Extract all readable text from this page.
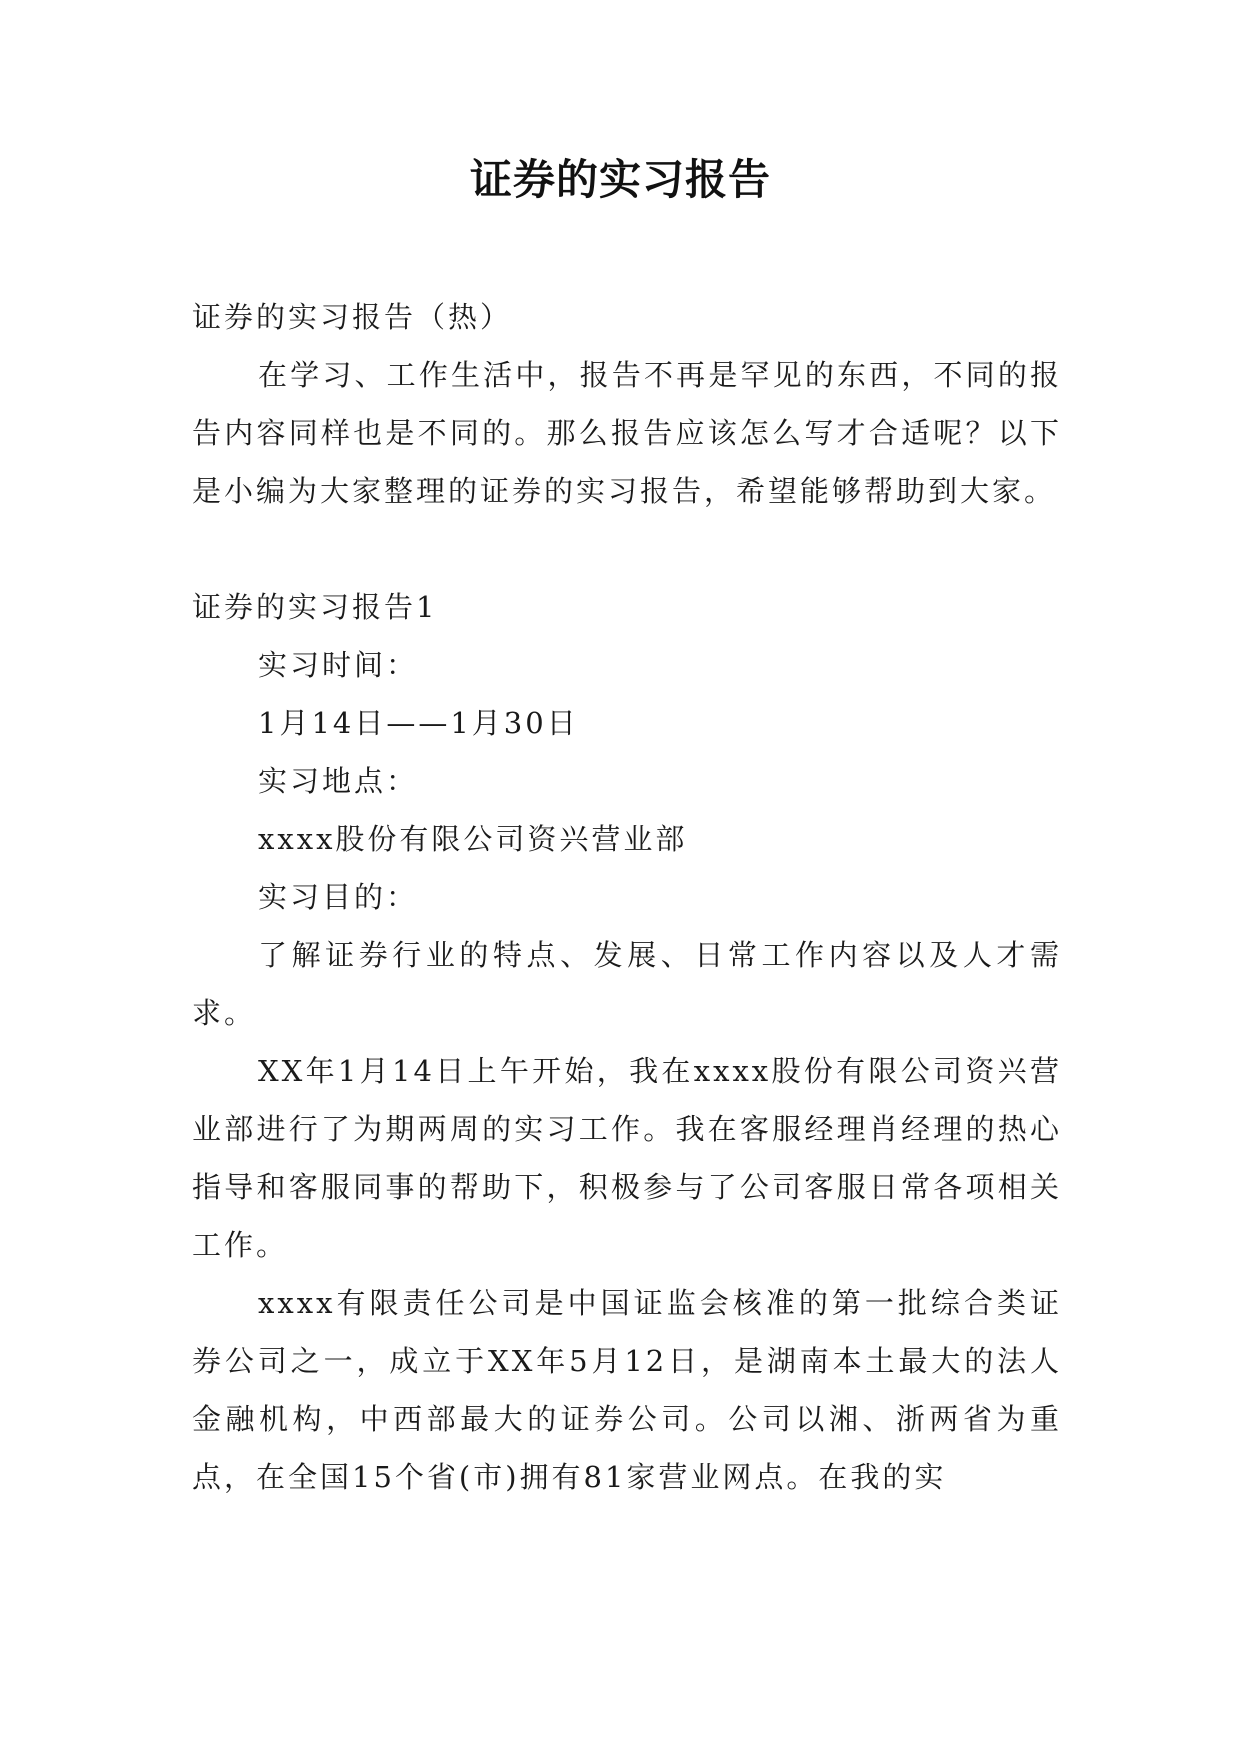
证券的实习报告

证券的实习报告（热）

在学习、工作生活中，报告不再是罕见的东西，不同的报告内容同样也是不同的。那么报告应该怎么写才合适呢？以下是小编为大家整理的证券的实习报告，希望能够帮助到大家。

证券的实习报告1

实习时间：

1月14日——1月30日

实习地点：

xxxx股份有限公司资兴营业部

实习目的：

了解证券行业的特点、发展、日常工作内容以及人才需求。

XX年1月14日上午开始，我在xxxx股份有限公司资兴营业部进行了为期两周的实习工作。我在客服经理肖经理的热心指导和客服同事的帮助下，积极参与了公司客服日常各项相关工作。

xxxx有限责任公司是中国证监会核准的第一批综合类证券公司之一，成立于XX年5月12日，是湖南本土最大的法人金融机构，中西部最大的证券公司。公司以湘、浙两省为重点，在全国15个省(市)拥有81家营业网点。在我的实
